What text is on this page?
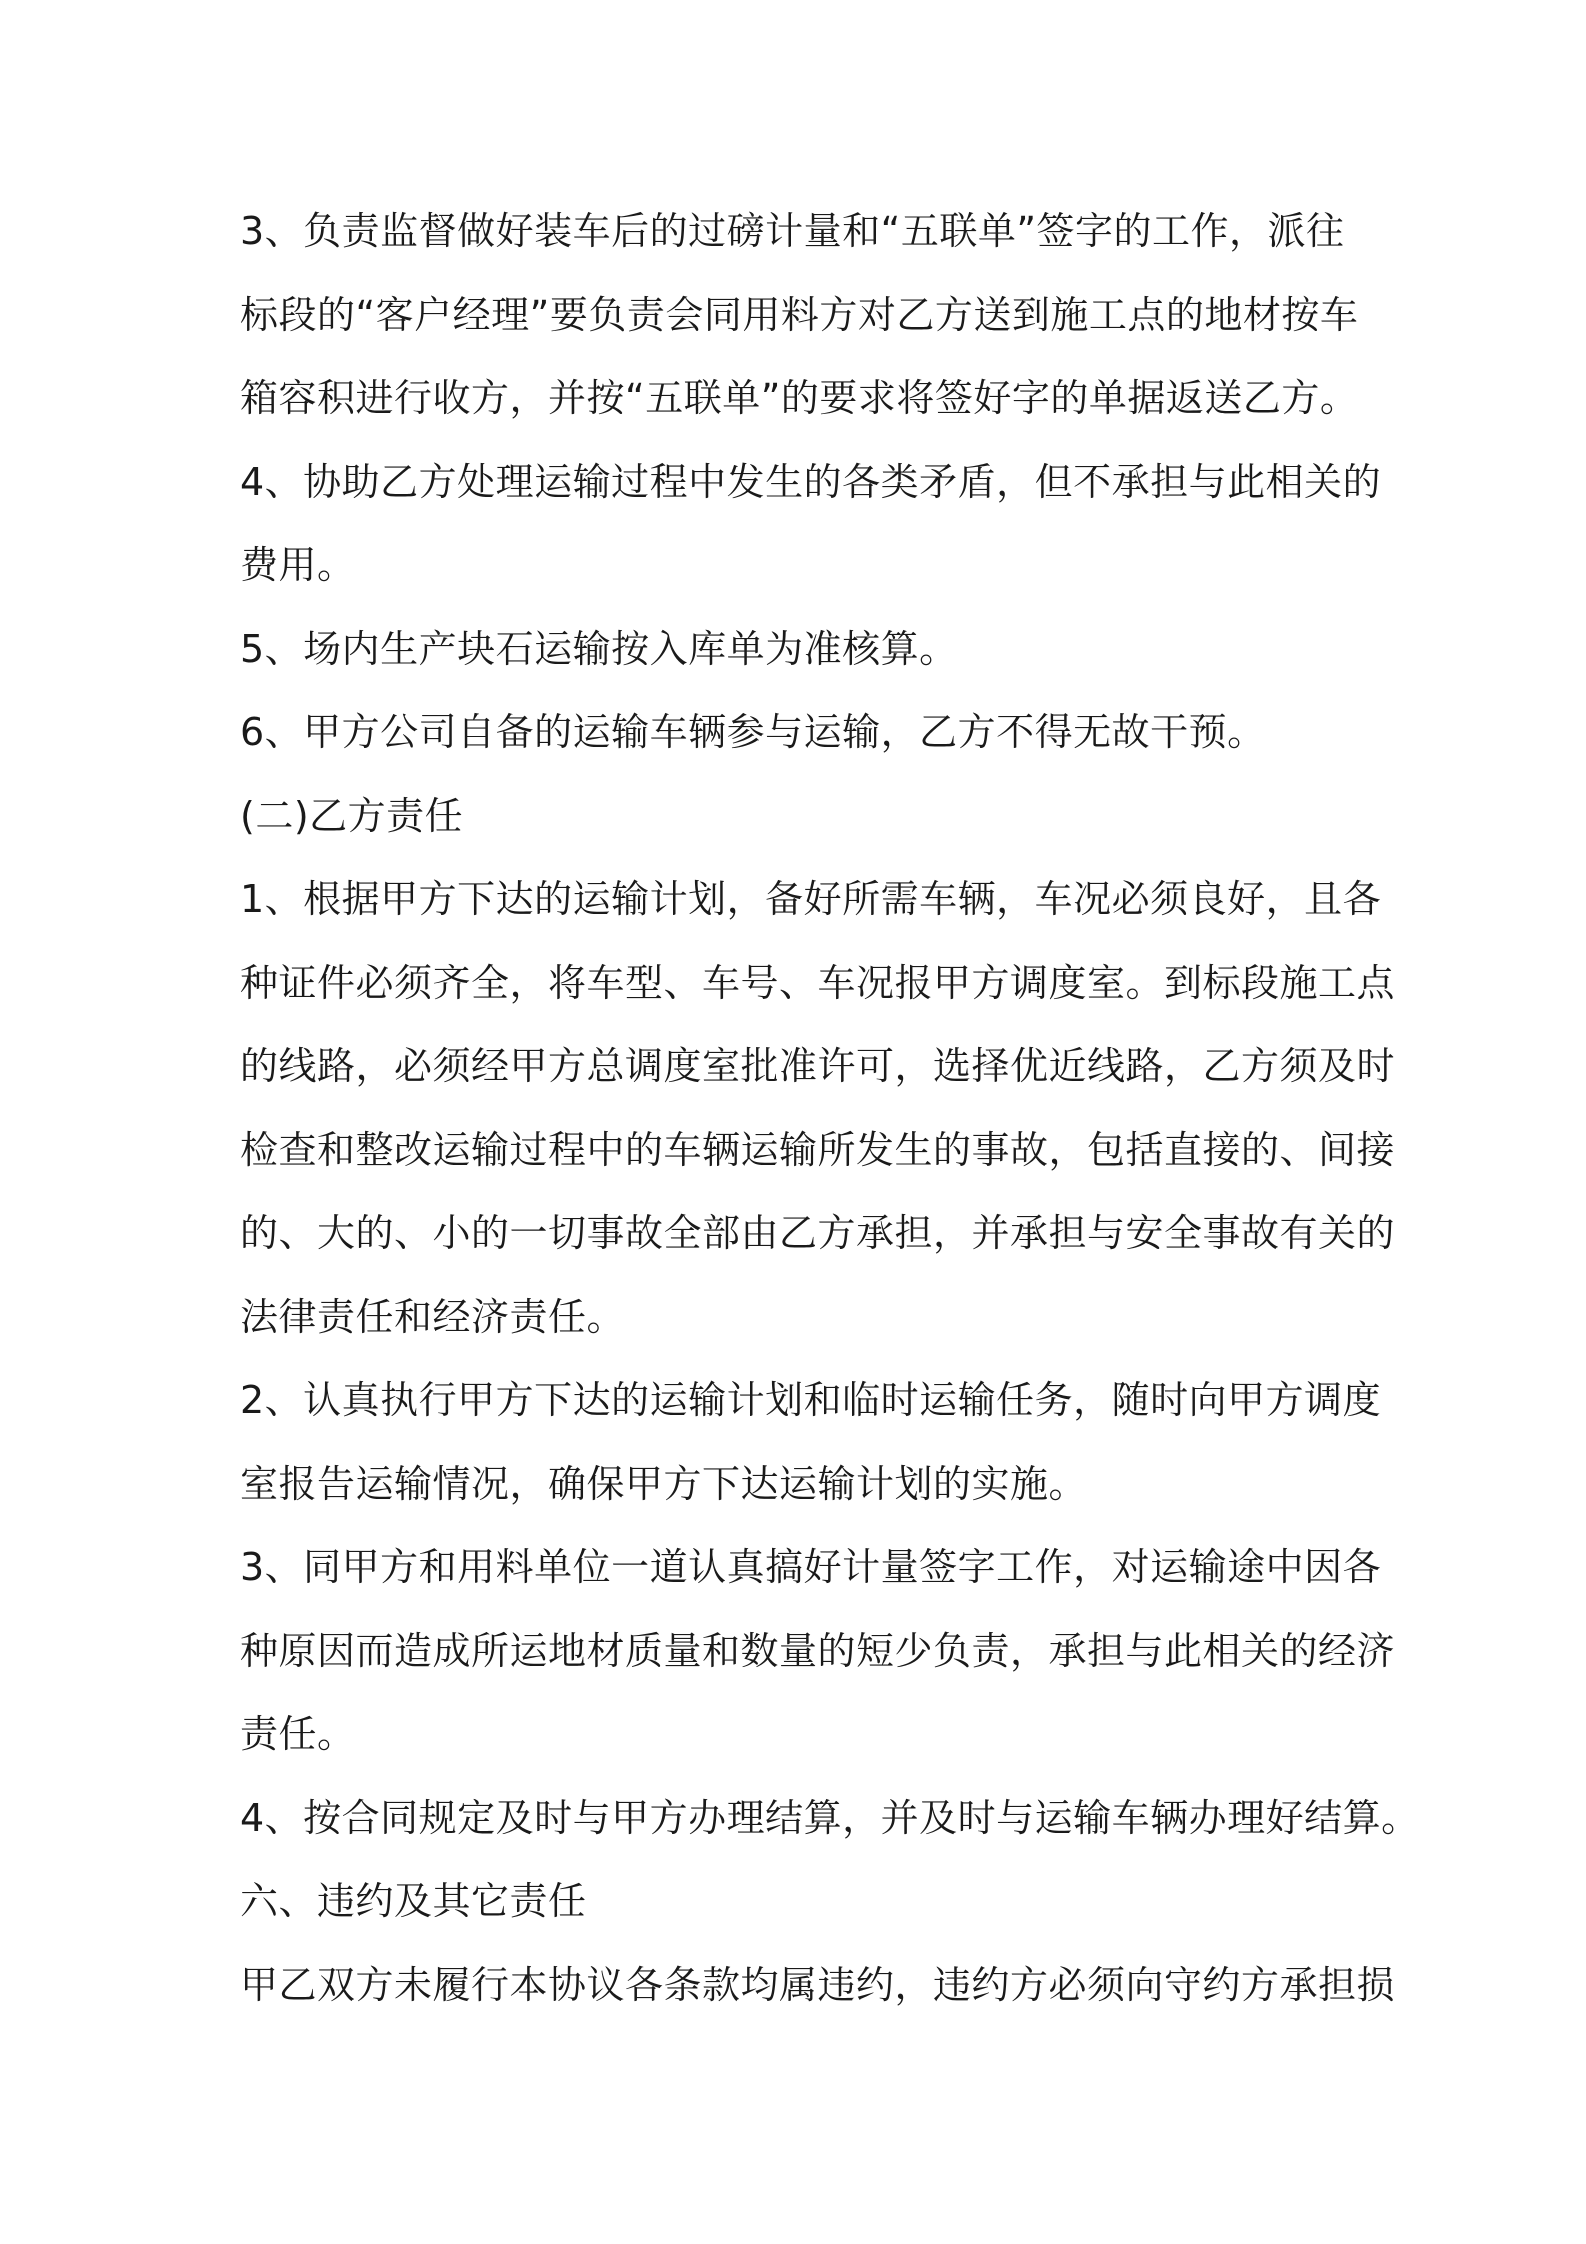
3、负责监督做好装车后的过磅计量和“五联单”签字的工作，派往
标段的“客户经理”要负责会同用料方对乙方送到施工点的地材按车
箱容积进行收方，并按“五联单”的要求将签好字的单据返送乙方。
4、协助乙方处理运输过程中发生的各类矛盾，但不承担与此相关的
费用。
5、场内生产块石运输按入库单为准核算。
6、甲方公司自备的运输车辆参与运输，乙方不得无故干预。
(二)乙方责任
1、根据甲方下达的运输计划，备好所需车辆，车况必须良好，且各
种证件必须齐全，将车型、车号、车况报甲方调度室。到标段施工点
的线路，必须经甲方总调度室批准许可，选择优近线路，乙方须及时
检查和整改运输过程中的车辆运输所发生的事故，包括直接的、间接
的、大的、小的一切事故全部由乙方承担，并承担与安全事故有关的
法律责任和经济责任。
2、认真执行甲方下达的运输计划和临时运输任务，随时向甲方调度
室报告运输情况，确保甲方下达运输计划的实施。
3、同甲方和用料单位一道认真搞好计量签字工作，对运输途中因各
种原因而造成所运地材质量和数量的短少负责，承担与此相关的经济
责任。
4、按合同规定及时与甲方办理结算，并及时与运输车辆办理好结算。
六、违约及其它责任
甲乙双方未履行本协议各条款均属违约，违约方必须向守约方承担损
